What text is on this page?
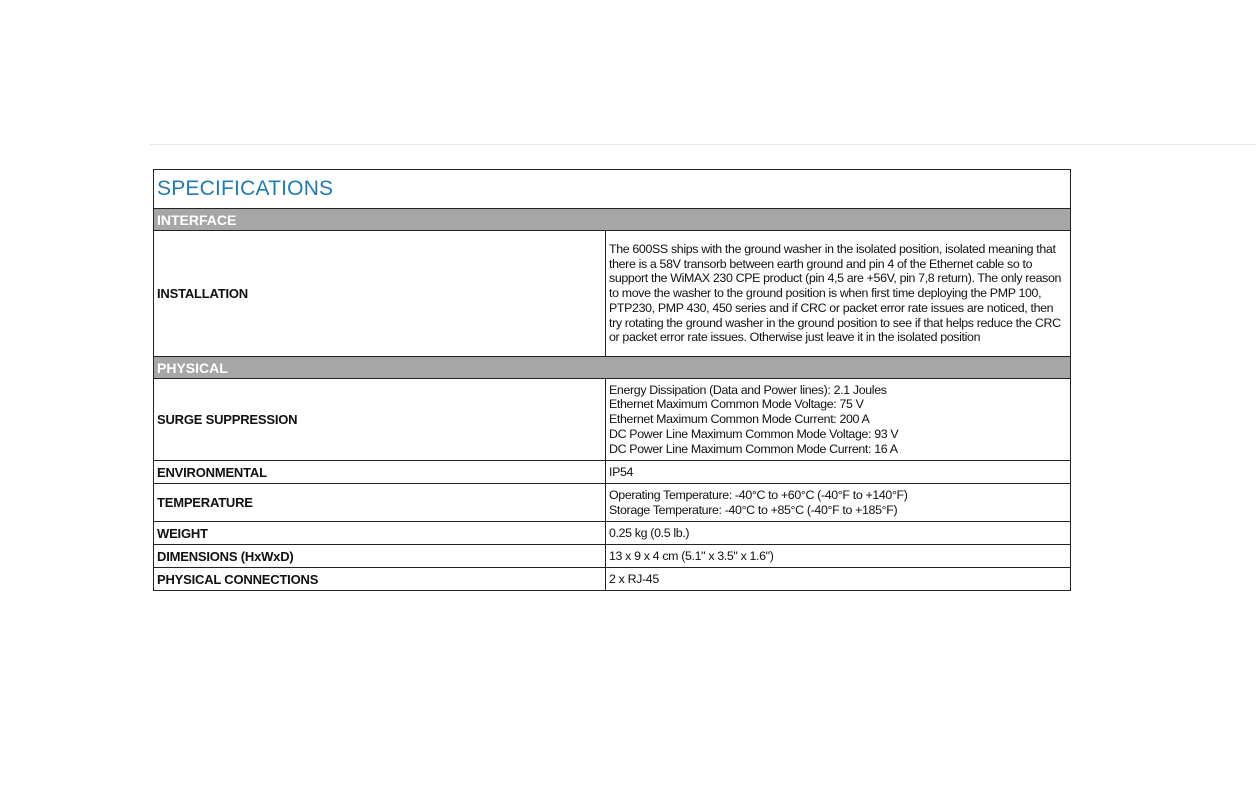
SPECIFICATIONS	
INTERFACE	
INSTALLATION	The 600SS ships with the ground washer in the isolated position, isolated meaning that there is a 58V transorb between earth ground and pin 4 of the Ethernet cable so to support the WiMAX 230 CPE product (pin 4,5 are +56V, pin 7,8 return). The only reason to move the washer to the ground position is when first time deploying the PMP 100, PTP230, PMP 430, 450 series and if CRC or packet error rate issues are noticed, then try rotating the ground washer in the ground position to see if that helps reduce the CRC or packet error rate issues. Otherwise just leave it in the isolated position

PHYSICAL	
SURGE SUPPRESSION	Energy Dissipation (Data and Power lines): 2.1 Joules
Ethernet Maximum Common Mode Voltage: 75 V
Ethernet Maximum Common Mode Current: 200 A
DC Power Line Maximum Common Mode Voltage: 93 V
DC Power Line Maximum Common Mode Current: 16 A

ENVIRONMENTAL	IP54
TEMPERATURE	Operating Temperature: -40°C to +60°C (-40°F to +140°F)
Storage Temperature: -40°C to +85°C (-40°F to +185°F)

WEIGHT	0.25 kg (0.5 lb.)
DIMENSIONS (HxWxD)	13 x 9 x 4 cm (5.1" x 3.5" x 1.6")
PHYSICAL CONNECTIONS	2 x RJ-45
